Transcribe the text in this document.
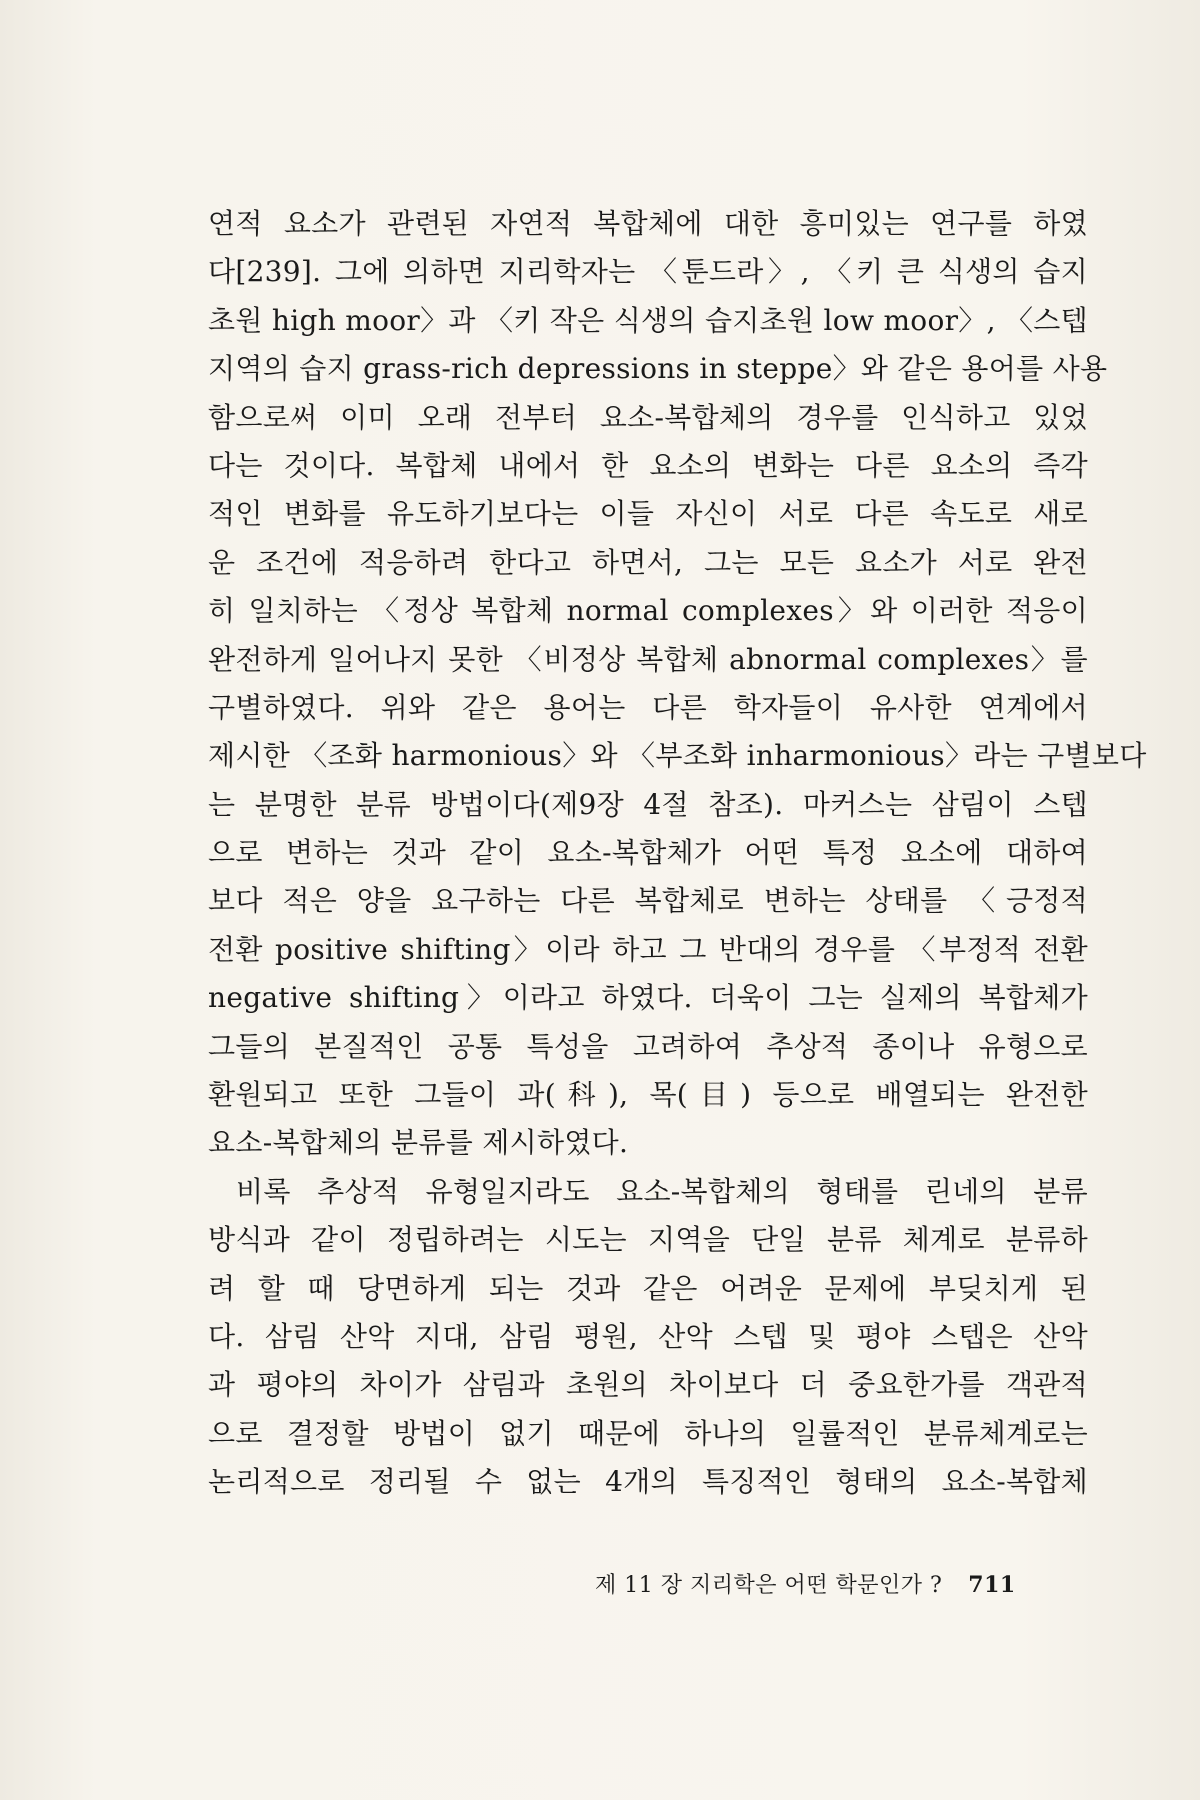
연적 요소가 관련된 자연적 복합체에 대한 흥미있는 연구를 하였
다[239]. 그에 의하면 지리학자는 〈툰드라〉, 〈키 큰 식생의 습지
초원 high moor〉과 〈키 작은 식생의 습지초원 low moor〉, 〈스텝
지역의 습지 grass-rich depressions in steppe〉와 같은 용어를 사용
함으로써 이미 오래 전부터 요소-복합체의 경우를 인식하고 있었
다는 것이다. 복합체 내에서 한 요소의 변화는 다른 요소의 즉각
적인 변화를 유도하기보다는 이들 자신이 서로 다른 속도로 새로
운 조건에 적응하려 한다고 하면서, 그는 모든 요소가 서로 완전
히 일치하는 〈정상 복합체 normal complexes〉와 이러한 적응이
완전하게 일어나지 못한 〈비정상 복합체 abnormal complexes〉를
구별하였다. 위와 같은 용어는 다른 학자들이 유사한 연계에서
제시한 〈조화 harmonious〉와 〈부조화 inharmonious〉라는 구별보다
는 분명한 분류 방법이다(제9장 4절 참조). 마커스는 삼림이 스텝
으로 변하는 것과 같이 요소-복합체가 어떤 특정 요소에 대하여
보다 적은 양을 요구하는 다른 복합체로 변하는 상태를 〈긍정적
전환 positive shifting〉이라 하고 그 반대의 경우를 〈부정적 전환
negative shifting〉이라고 하였다. 더욱이 그는 실제의 복합체가
그들의 본질적인 공통 특성을 고려하여 추상적 종이나 유형으로
환원되고 또한 그들이 과(科), 목(目) 등으로 배열되는 완전한
요소-복합체의 분류를 제시하였다.
비록 추상적 유형일지라도 요소-복합체의 형태를 린네의 분류
방식과 같이 정립하려는 시도는 지역을 단일 분류 체계로 분류하
려 할 때 당면하게 되는 것과 같은 어려운 문제에 부딪치게 된
다. 삼림 산악 지대, 삼림 평원, 산악 스텝 및 평야 스텝은 산악
과 평야의 차이가 삼림과 초원의 차이보다 더 중요한가를 객관적
으로 결정할 방법이 없기 때문에 하나의 일률적인 분류체계로는
논리적으로 정리될 수 없는 4개의 특징적인 형태의 요소-복합체
제 11 장 지리학은 어떤 학문인가 ? 711
